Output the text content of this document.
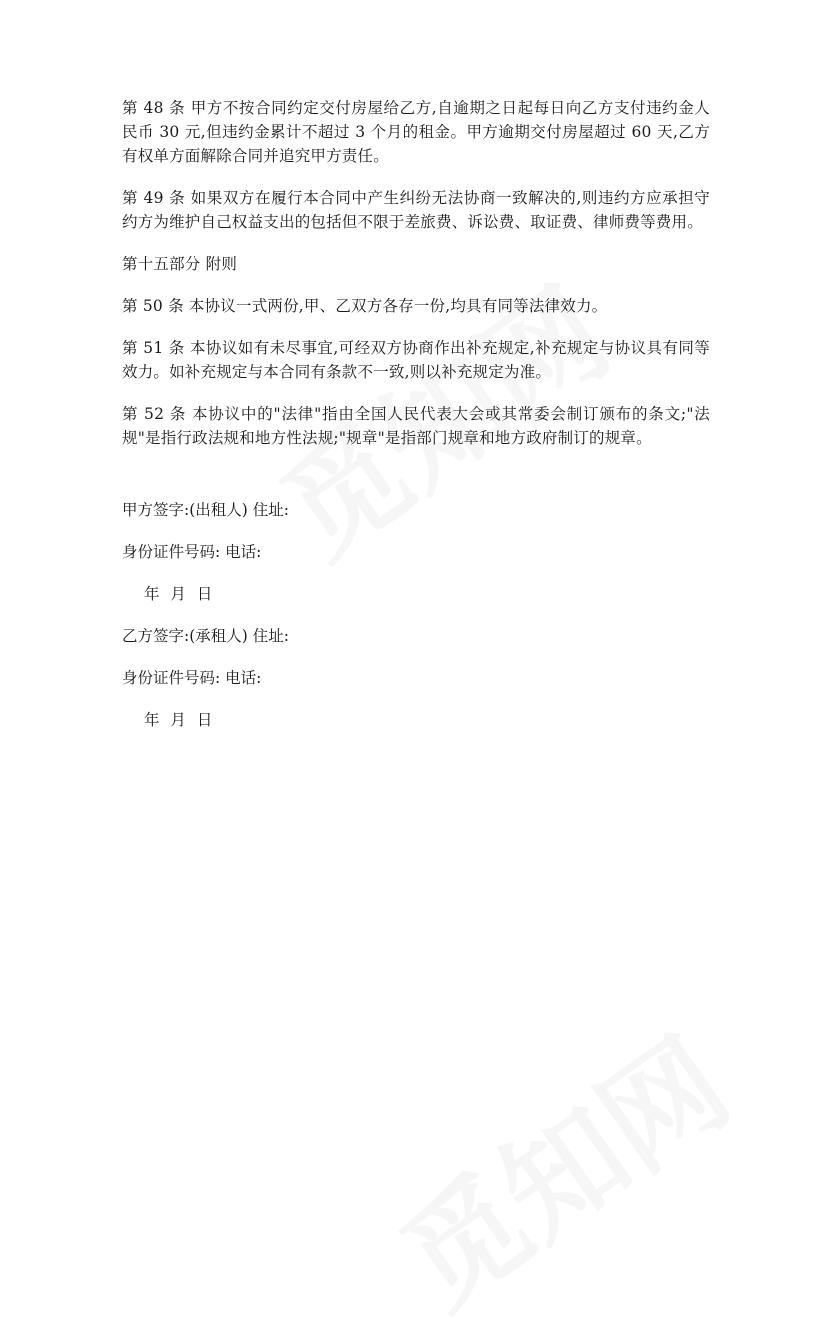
第 48 条 甲方不按合同约定交付房屋给乙方,自逾期之日起每日向乙方支付违约金人民币 30 元,但违约金累计不超过 3 个月的租金。甲方逾期交付房屋超过 60 天,乙方有权单方面解除合同并追究甲方责任。

第 49 条 如果双方在履行本合同中产生纠纷无法协商一致解决的,则违约方应承担守约方为维护自己权益支出的包括但不限于差旅费、诉讼费、取证费、律师费等费用。

第十五部分 附则

第 50 条 本协议一式两份,甲、乙双方各存一份,均具有同等法律效力。

第 51 条 本协议如有未尽事宜,可经双方协商作出补充规定,补充规定与协议具有同等效力。如补充规定与本合同有条款不一致,则以补充规定为准。

第 52 条 本协议中的"法律"指由全国人民代表大会或其常委会制订颁布的条文;"法规"是指行政法规和地方性法规;"规章"是指部门规章和地方政府制订的规章。

甲方签字:(出租人) 住址:

身份证件号码: 电话:

年 月 日

乙方签字:(承租人) 住址:

身份证件号码: 电话:

年 月 日
